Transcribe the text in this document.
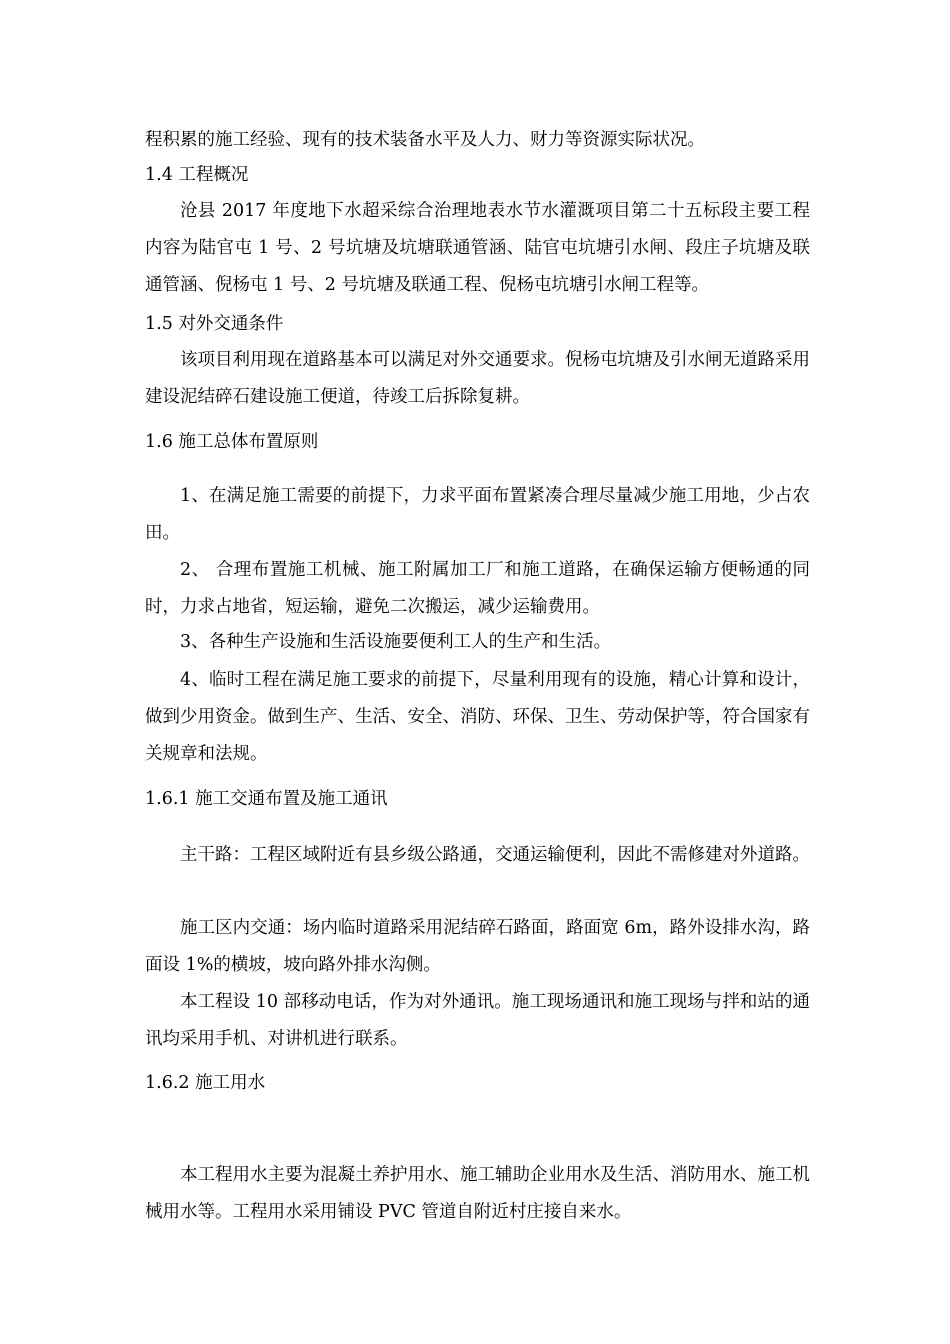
程积累的施工经验、现有的技术装备水平及人力、财力等资源实际状况。

1.4 工程概况

沧县 2017 年度地下水超采综合治理地表水节水灌溉项目第二十五标段主要工程内容为陆官屯 1 号、2 号坑塘及坑塘联通管涵、陆官屯坑塘引水闸、段庄子坑塘及联通管涵、倪杨屯 1 号、2 号坑塘及联通工程、倪杨屯坑塘引水闸工程等。

1.5 对外交通条件

该项目利用现在道路基本可以满足对外交通要求。倪杨屯坑塘及引水闸无道路采用建设泥结碎石建设施工便道，待竣工后拆除复耕。

1.6 施工总体布置原则

1、在满足施工需要的前提下，力求平面布置紧凑合理尽量减少施工用地，少占农田。

2、 合理布置施工机械、施工附属加工厂和施工道路，在确保运输方便畅通的同时，力求占地省，短运输，避免二次搬运，减少运输费用。

3、各种生产设施和生活设施要便利工人的生产和生活。

4、临时工程在满足施工要求的前提下，尽量利用现有的设施，精心计算和设计，做到少用资金。做到生产、生活、安全、消防、环保、卫生、劳动保护等，符合国家有关规章和法规。

1.6.1 施工交通布置及施工通讯

主干路：工程区域附近有县乡级公路通，交通运输便利，因此不需修建对外道路。

施工区内交通：场内临时道路采用泥结碎石路面，路面宽 6m，路外设排水沟，路面设 1%的横坡，坡向路外排水沟侧。

本工程设 10 部移动电话，作为对外通讯。施工现场通讯和施工现场与拌和站的通讯均采用手机、对讲机进行联系。

1.6.2 施工用水

本工程用水主要为混凝土养护用水、施工辅助企业用水及生活、消防用水、施工机械用水等。工程用水采用铺设 PVC 管道自附近村庄接自来水。
